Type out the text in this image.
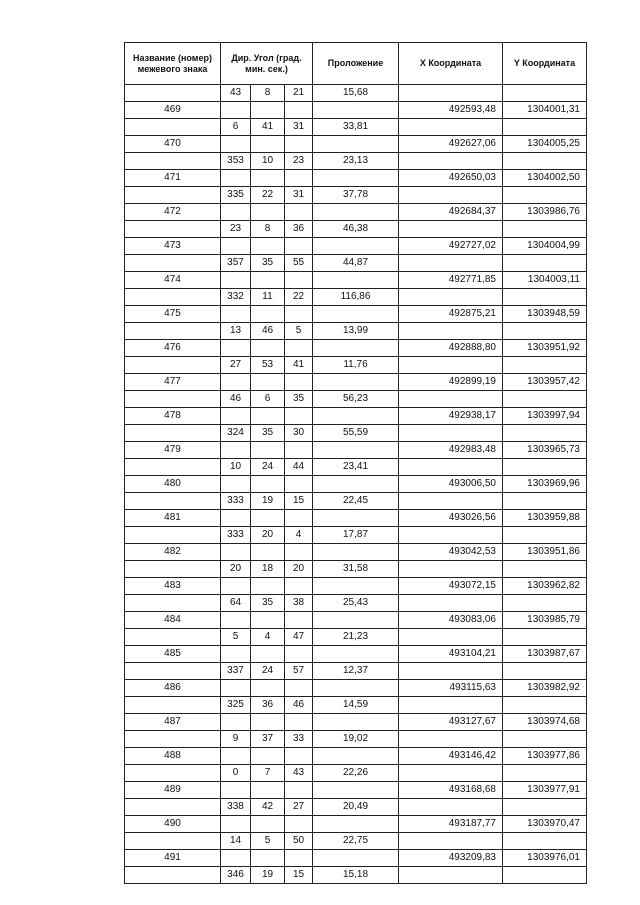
Название (номер) межевого знака	Дир. Угол (град. мин. сек.)			Проложение	X Координата	Y Координата
	43	8	21	15,68		
469					492593,48	1304001,31
	6	41	31	33,81		
470					492627,06	1304005,25
	353	10	23	23,13		
471					492650,03	1304002,50
	335	22	31	37,78		
472					492684,37	1303986,76
	23	8	36	46,38		
473					492727,02	1304004,99
	357	35	55	44,87		
474					492771,85	1304003,11
	332	11	22	116,86		
475					492875,21	1303948,59
	13	46	5	13,99		
476					492888,80	1303951,92
	27	53	41	11,76		
477					492899,19	1303957,42
	46	6	35	56,23		
478					492938,17	1303997,94
	324	35	30	55,59		
479					492983,48	1303965,73
	10	24	44	23,41		
480					493006,50	1303969,96
	333	19	15	22,45		
481					493026,56	1303959,88
	333	20	4	17,87		
482					493042,53	1303951,86
	20	18	20	31,58		
483					493072,15	1303962,82
	64	35	38	25,43		
484					493083,06	1303985,79
	5	4	47	21,23		
485					493104,21	1303987,67
	337	24	57	12,37		
486					493115,63	1303982,92
	325	36	46	14,59		
487					493127,67	1303974,68
	9	37	33	19,02		
488					493146,42	1303977,86
	0	7	43	22,26		
489					493168,68	1303977,91
	338	42	27	20,49		
490					493187,77	1303970,47
	14	5	50	22,75		
491					493209,83	1303976,01
	346	19	15	15,18		
